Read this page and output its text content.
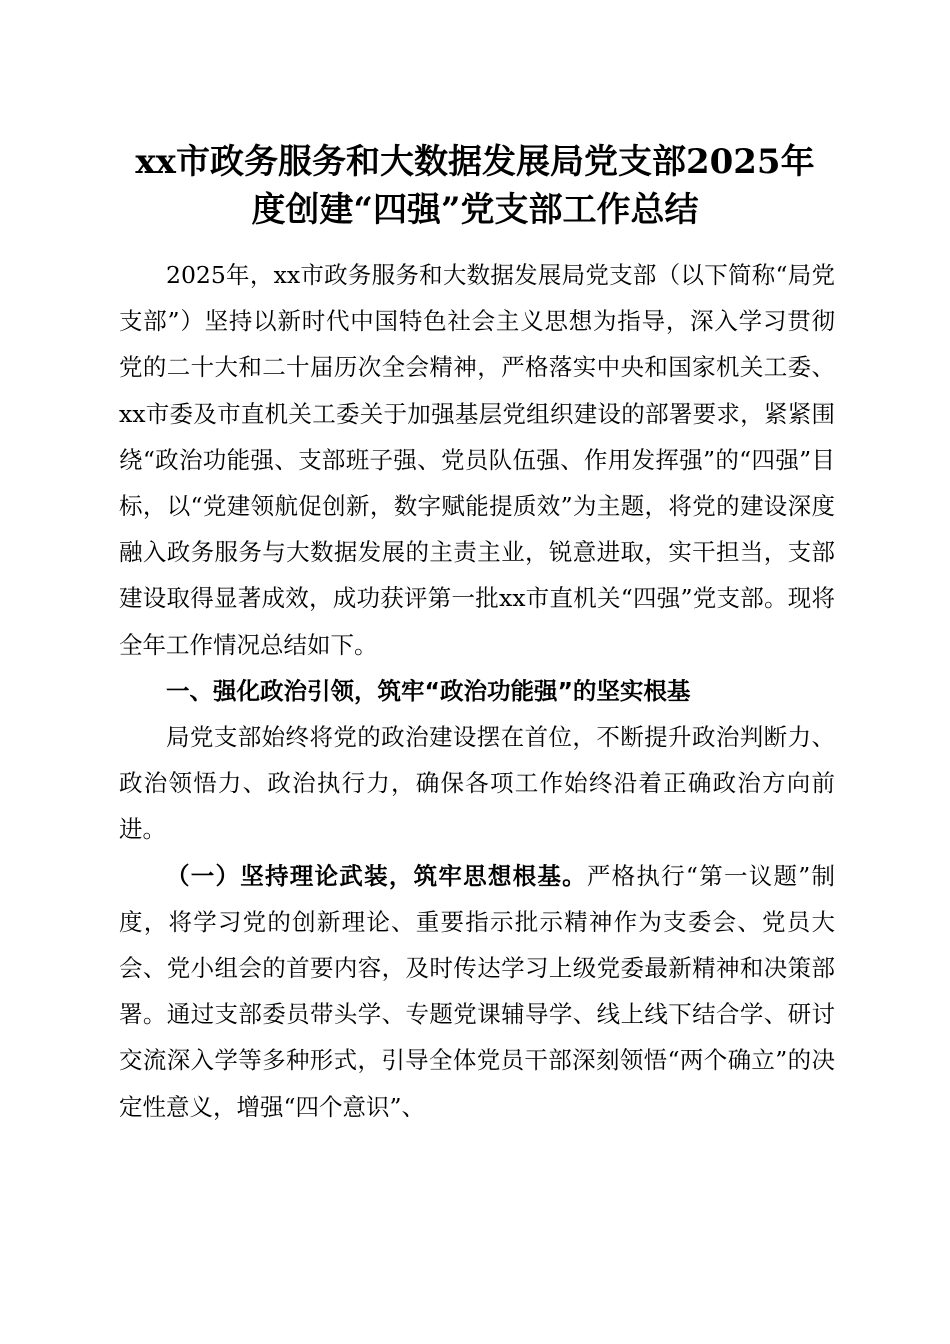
xx市政务服务和大数据发展局党支部2025年
度创建“四强”党支部工作总结

2025年，xx市政务服务和大数据发展局党支部（以下简称“局党支部”）坚持以新时代中国特色社会主义思想为指导，深入学习贯彻党的二十大和二十届历次全会精神，严格落实中央和国家机关工委、xx市委及市直机关工委关于加强基层党组织建设的部署要求，紧紧围绕“政治功能强、支部班子强、党员队伍强、作用发挥强”的“四强”目标，以“党建领航促创新，数字赋能提质效”为主题，将党的建设深度融入政务服务与大数据发展的主责主业，锐意进取，实干担当，支部建设取得显著成效，成功获评第一批xx市直机关“四强”党支部。现将全年工作情况总结如下。

一、强化政治引领，筑牢“政治功能强”的坚实根基

局党支部始终将党的政治建设摆在首位，不断提升政治判断力、政治领悟力、政治执行力，确保各项工作始终沿着正确政治方向前进。

（一）坚持理论武装，筑牢思想根基。严格执行“第一议题”制度，将学习党的创新理论、重要指示批示精神作为支委会、党员大会、党小组会的首要内容，及时传达学习上级党委最新精神和决策部署。通过支部委员带头学、专题党课辅导学、线上线下结合学、研讨交流深入学等多种形式，引导全体党员干部深刻领悟“两个确立”的决定性意义，增强“四个意识”、
